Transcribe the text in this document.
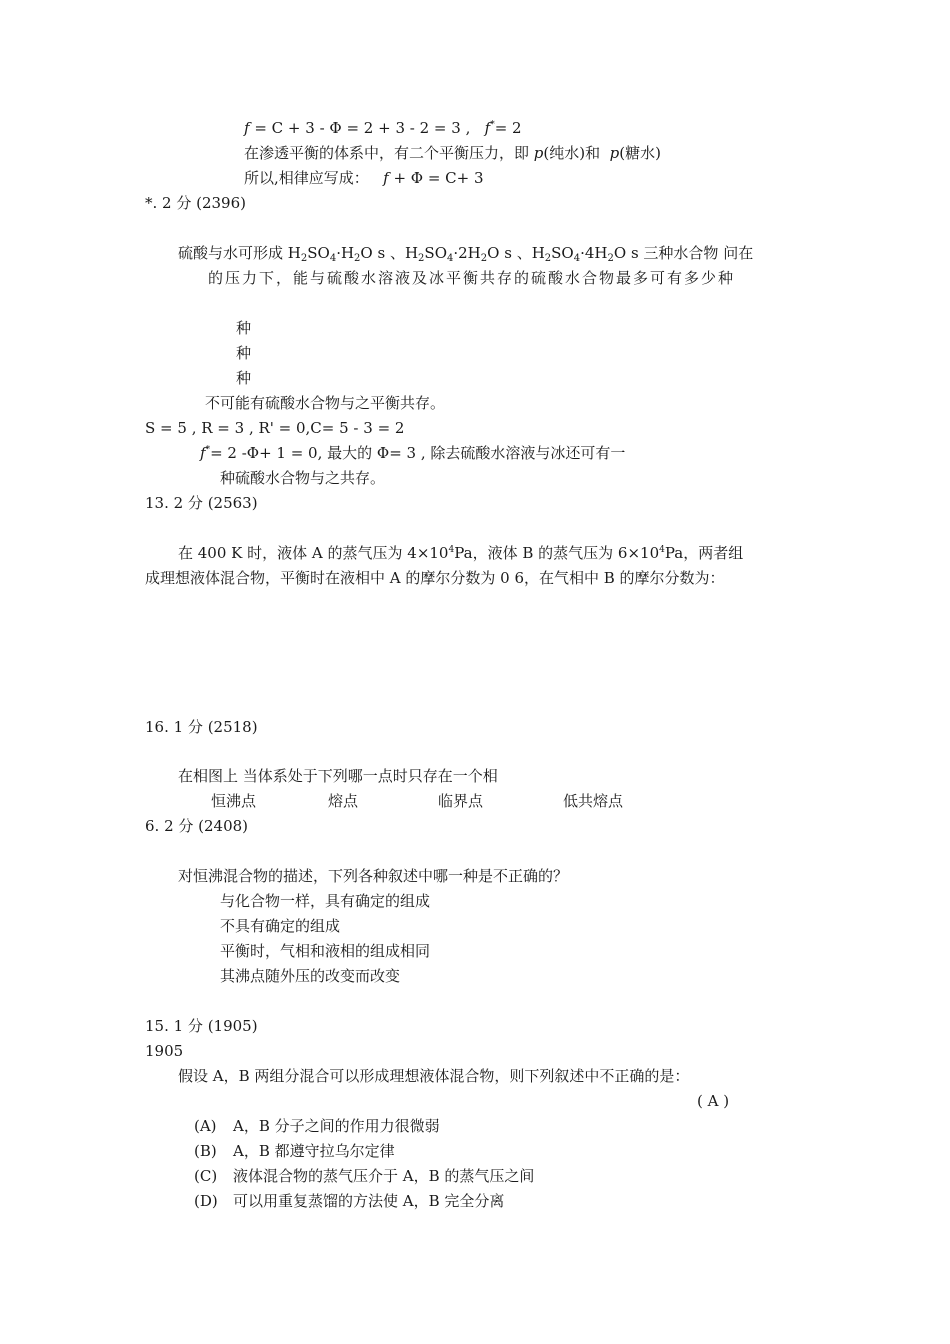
f = C + 3 - Φ = 2 + 3 - 2 = 3 , f*= 2
在渗透平衡的体系中，有二个平衡压力，即 p(纯水)和 p(糖水)
所以,相律应写成： f + Φ = C+ 3
*. 2 分 (2396)
硫酸与水可形成 $H_2SO_4\cdot H_2O$ s 、$H_2SO_4\cdot 2H_2O$ s 、$H_2SO_4\cdot 4H_2O$ s 三种水合物 问在
的压力下，能与硫酸水溶液及冰平衡共存的硫酸水合物最多可有多少种
种
种
种
不可能有硫酸水合物与之平衡共存。
S = 5 , R = 3 , R' = 0,C= 5 - 3 = 2
f*= 2 -Φ+ 1 = 0, 最大的 Φ= 3 , 除去硫酸水溶液与冰还可有一
种硫酸水合物与之共存。
13. 2 分 (2563)
在 400 K 时，液体 A 的蒸气压为 $4\times 10^4Pa$，液体 B 的蒸气压为 $6\times 10^4Pa$，两者组
成理想液体混合物，平衡时在液相中 A 的摩尔分数为 0 6，在气相中 B 的摩尔分数为：
16. 1 分 (2518)
在相图上 当体系处于下列哪一点时只存在一个相
恒沸点	熔点	临界点	低共熔点
6. 2 分 (2408)
对恒沸混合物的描述，下列各种叙述中哪一种是不正确的？
与化合物一样，具有确定的组成
不具有确定的组成
平衡时，气相和液相的组成相同
其沸点随外压的改变而改变
15. 1 分 (1905)
1905
假设 A，B 两组分混合可以形成理想液体混合物，则下列叙述中不正确的是：
( A )
(A) A，B 分子之间的作用力很微弱
(B) A，B 都遵守拉乌尔定律
(C) 液体混合物的蒸气压介于 A，B 的蒸气压之间
(D) 可以用重复蒸馏的方法使 A，B 完全分离
